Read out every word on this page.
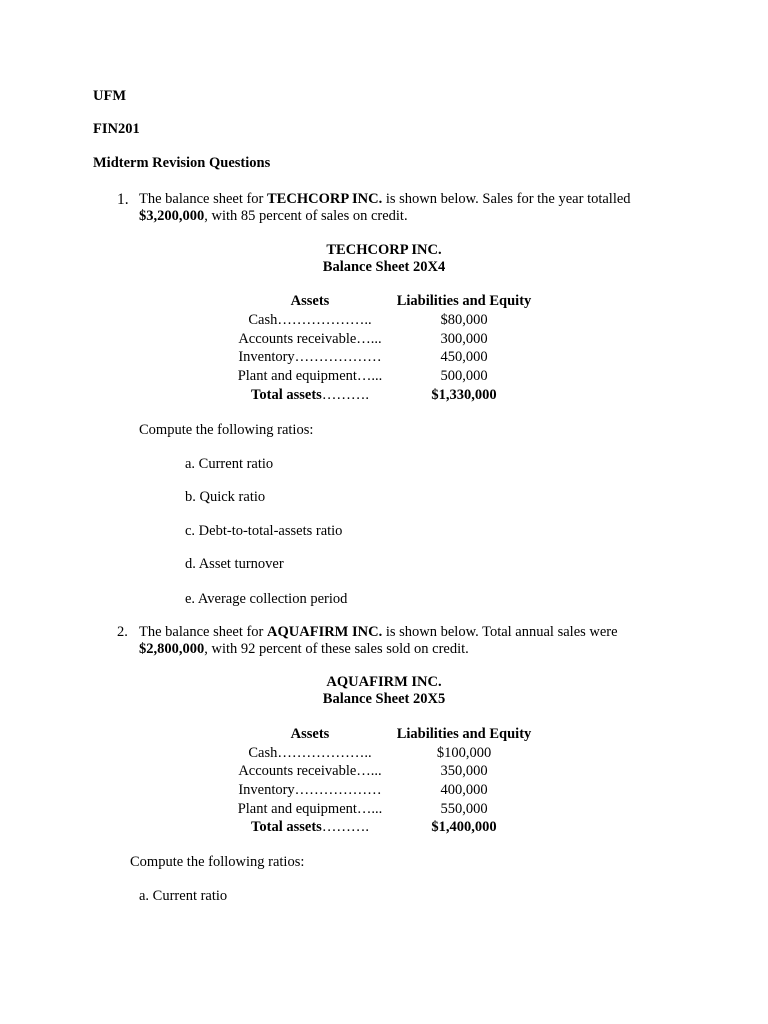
UFM
FIN201
Midterm Revision Questions
1. The balance sheet for TECHCORP INC. is shown below. Sales for the year totalled
$3,200,000, with 85 percent of sales on credit.
TECHCORP INC.
Balance Sheet 20X4
Assets	Liabilities and Equity
Cash………………..	$80,000
Accounts receivable…...	300,000
Inventory………………	450,000
Plant and equipment…...	500,000
Total assets……….	$1,330,000
Compute the following ratios:
a. Current ratio
b. Quick ratio
c. Debt-to-total-assets ratio
d. Asset turnover
e. Average collection period
2. The balance sheet for AQUAFIRM INC. is shown below. Total annual sales were
$2,800,000, with 92 percent of these sales sold on credit.
AQUAFIRM INC.
Balance Sheet 20X5
Assets	Liabilities and Equity
Cash………………..	$100,000
Accounts receivable…...	350,000
Inventory………………	400,000
Plant and equipment…...	550,000
Total assets……….	$1,400,000
Compute the following ratios:
a. Current ratio
